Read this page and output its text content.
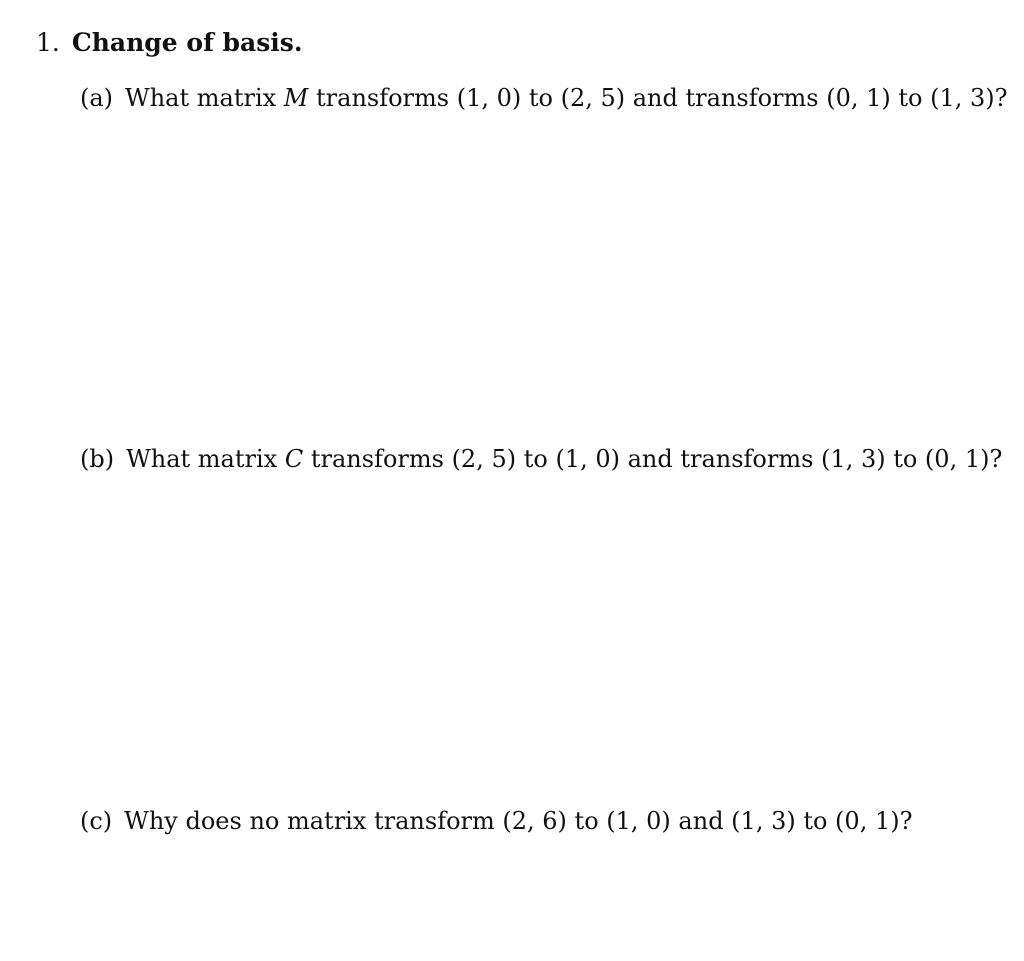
1. Change of basis.
(a) What matrix M transforms (1, 0) to (2, 5) and transforms (0, 1) to (1, 3)?
(b) What matrix C transforms (2, 5) to (1, 0) and transforms (1, 3) to (0, 1)?
(c) Why does no matrix transform (2, 6) to (1, 0) and (1, 3) to (0, 1)?
